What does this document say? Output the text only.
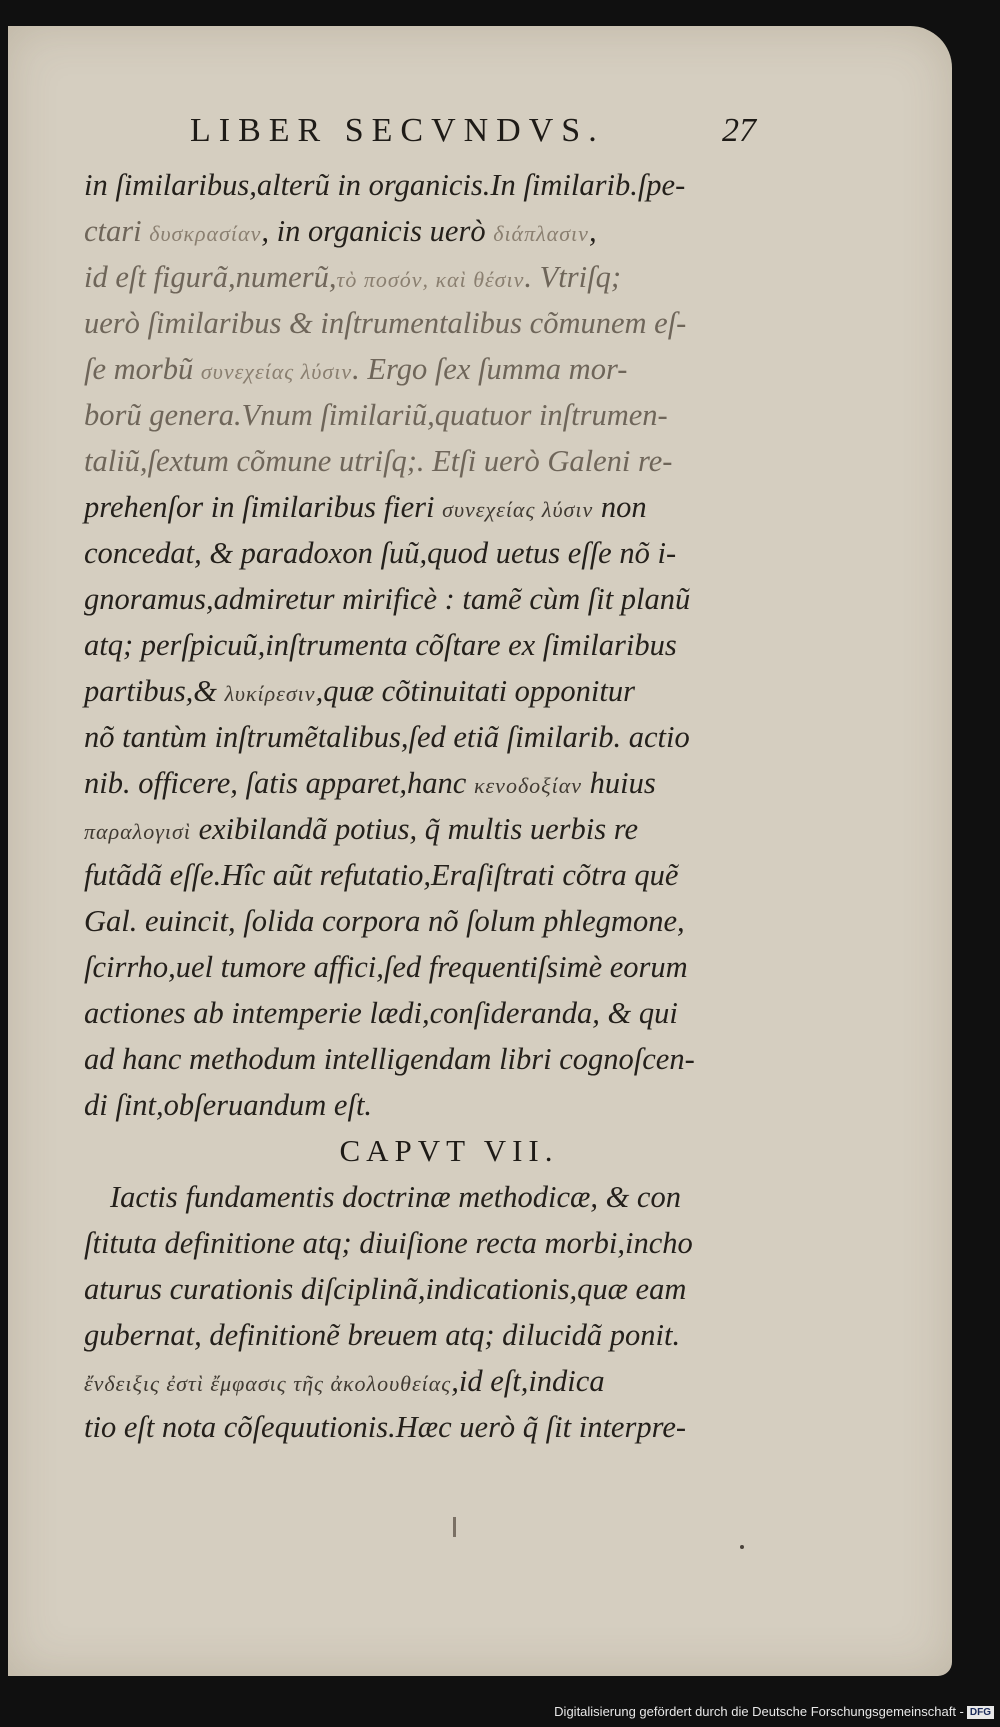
LIBER SECVNDVS.	27
in ſimilaribus,alterũ in organicis.In ſimilarib.ſpe-
ctari δυσκρασίαν, in organicis uerò διάπλασιν,
id eſt figurã,numerũ,τὸ ποσόν, καὶ θέσιν. Vtriſq;
uerò ſimilaribus & inſtrumentalibus cõmunem eſ-
ſe morbũ συνεχείας λύσιν. Ergo ſex ſumma mor-
borũ genera.Vnum ſimilariũ,quatuor inſtrumen-
taliũ,ſextum cõmune utriſq;. Etſi uerò Galeni re-
prehenſor in ſimilaribus fieri συνεχείας λύσιν non
concedat, & paradoxon ſuũ,quod uetus eſſe nõ i-
gnoramus,admiretur mirificè : tamẽ cùm ſit planũ
atq; perſpicuũ,inſtrumenta cõſtare ex ſimilaribus
partibus,& λυκίρεσιν,quæ cõtinuitati opponitur
nõ tantùm inſtrumẽtalibus,ſed etiã ſimilarib. actio
nib. officere, ſatis apparet,hanc κενοδοξίαν huius
παραλογισὶ exibilandã potius, q̃ multis uerbis re
futãdã eſſe.Hîc aũt refutatio,Eraſiſtrati cõtra quẽ
Gal. euincit, ſolida corpora nõ ſolum phlegmone,
ſcirrho,uel tumore affici,ſed frequentiſsimè eorum
actiones ab intemperie lædi,conſideranda, & qui
ad hanc methodum intelligendam libri cognoſcen-
di ſint,obſeruandum eſt.
CAPVT VII.
Iactis fundamentis doctrinæ methodicæ, & con
ſtituta definitione atq; diuiſione recta morbi,incho
aturus curationis diſciplinã,indicationis,quæ eam
gubernat, definitionẽ breuem atq; dilucidã ponit.
ἔνδειξις ἐστὶ ἔμφασις τῆς ἀκολουθείας,id eſt,indica
tio eſt nota cõſequutionis.Hæc uerò q̃ ſit interpre-
Digitalisierung gefördert durch die Deutsche Forschungsgemeinschaft - DFG
